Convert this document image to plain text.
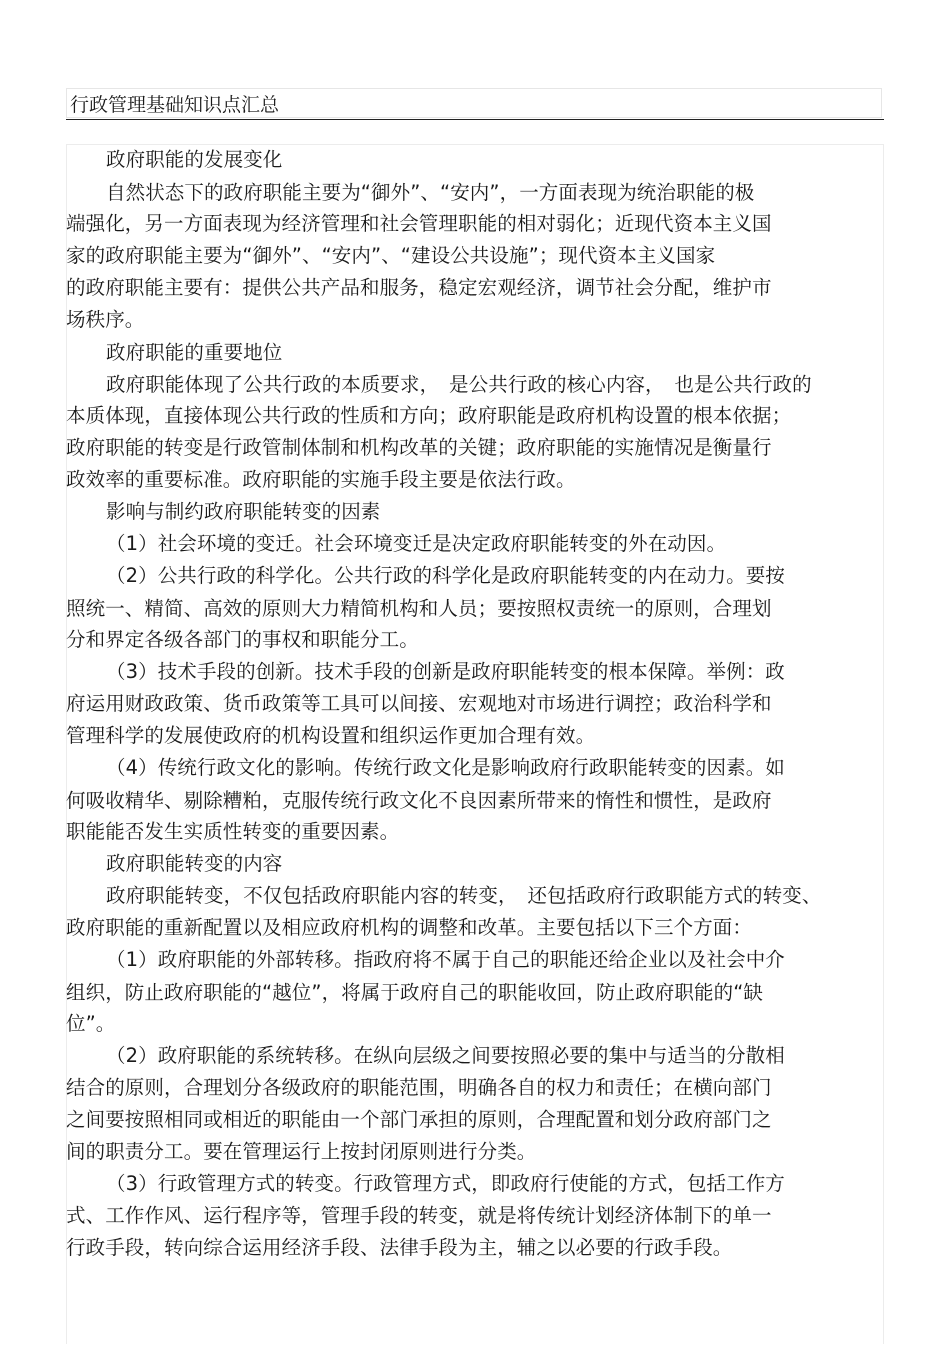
行政管理基础知识点汇总
政府职能的发展变化
自然状态下的政府职能主要为“御外”、“安内”，一方面表现为统治职能的极
端强化，另一方面表现为经济管理和社会管理职能的相对弱化；近现代资本主义国
家的政府职能主要为“御外”、“安内”、“建设公共设施”；现代资本主义国家
的政府职能主要有：提供公共产品和服务，稳定宏观经济，调节社会分配，维护市
场秩序。
政府职能的重要地位
政府职能体现了公共行政的本质要求，　是公共行政的核心内容，　也是公共行政的
本质体现，直接体现公共行政的性质和方向；政府职能是政府机构设置的根本依据；
政府职能的转变是行政管制体制和机构改革的关键；政府职能的实施情况是衡量行
政效率的重要标准。政府职能的实施手段主要是依法行政。
影响与制约政府职能转变的因素
（1）社会环境的变迁。社会环境变迁是决定政府职能转变的外在动因。
（2）公共行政的科学化。公共行政的科学化是政府职能转变的内在动力。要按
照统一、精简、高效的原则大力精简机构和人员；要按照权责统一的原则，合理划
分和界定各级各部门的事权和职能分工。
（3）技术手段的创新。技术手段的创新是政府职能转变的根本保障。举例：政
府运用财政政策、货币政策等工具可以间接、宏观地对市场进行调控；政治科学和
管理科学的发展使政府的机构设置和组织运作更加合理有效。
（4）传统行政文化的影响。传统行政文化是影响政府行政职能转变的因素。如
何吸收精华、剔除糟粕，克服传统行政文化不良因素所带来的惰性和惯性，是政府
职能能否发生实质性转变的重要因素。
政府职能转变的内容
政府职能转变，不仅包括政府职能内容的转变，　还包括政府行政职能方式的转变、
政府职能的重新配置以及相应政府机构的调整和改革。主要包括以下三个方面：
（1）政府职能的外部转移。指政府将不属于自己的职能还给企业以及社会中介
组织，防止政府职能的“越位”，将属于政府自己的职能收回，防止政府职能的“缺
位”。
（2）政府职能的系统转移。在纵向层级之间要按照必要的集中与适当的分散相
结合的原则，合理划分各级政府的职能范围，明确各自的权力和责任；在横向部门
之间要按照相同或相近的职能由一个部门承担的原则，合理配置和划分政府部门之
间的职责分工。要在管理运行上按封闭原则进行分类。
（3）行政管理方式的转变。行政管理方式，即政府行使能的方式，包括工作方
式、工作作风、运行程序等，管理手段的转变，就是将传统计划经济体制下的单一
行政手段，转向综合运用经济手段、法律手段为主，辅之以必要的行政手段。
